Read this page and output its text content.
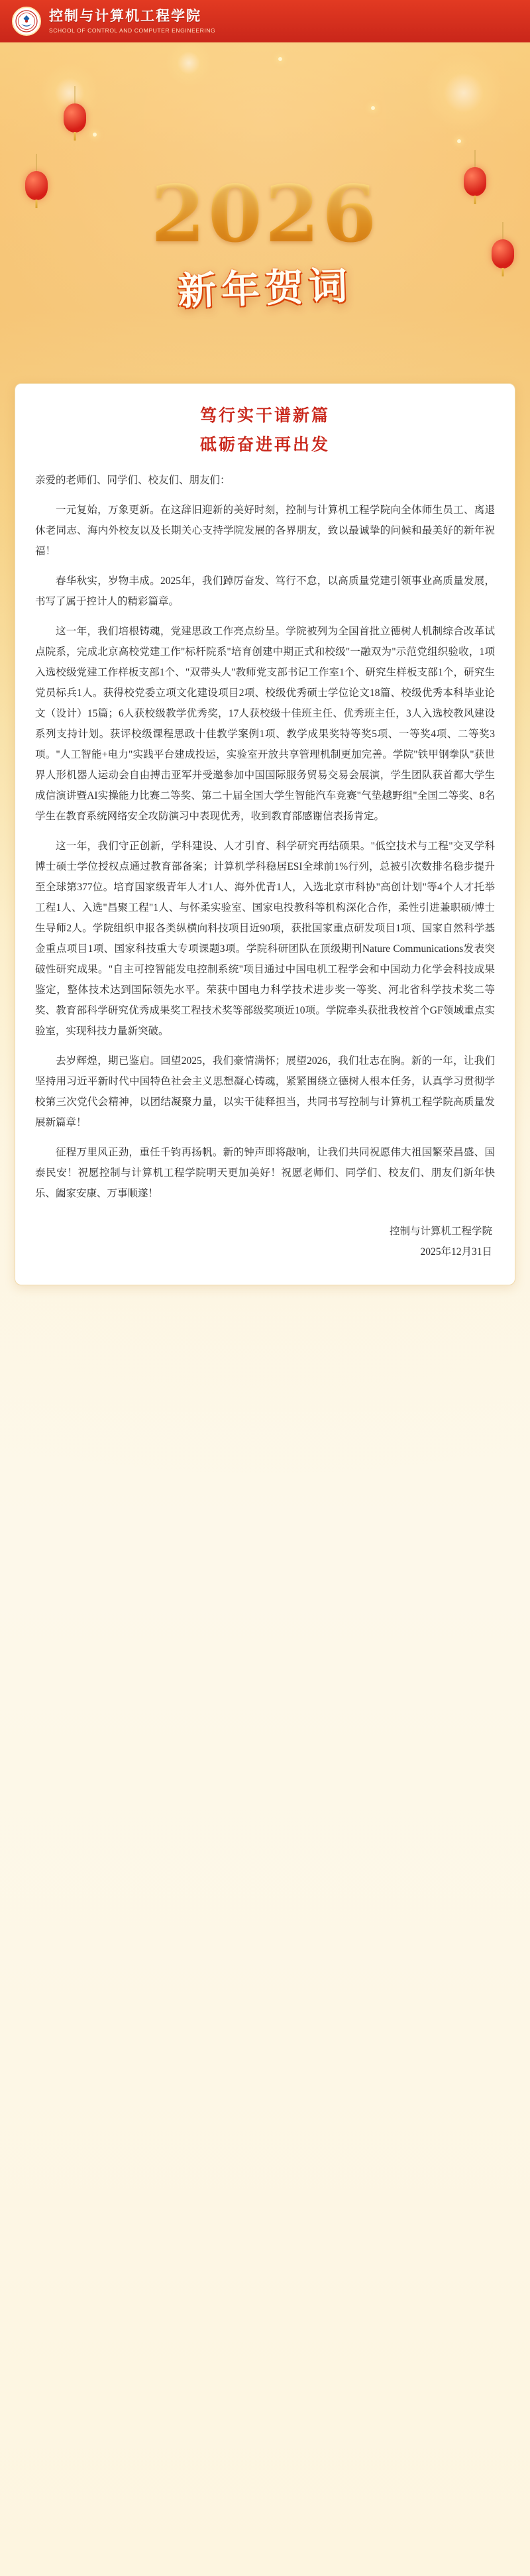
控制与计算机工程学院
SCHOOL OF CONTROL AND COMPUTER ENGINEERING
2026
新年贺词
笃行实干谱新篇
砥砺奋进再出发

亲爱的老师们、同学们、校友们、朋友们：

一元复始，万象更新。在这辞旧迎新的美好时刻，控制与计算机工程学院向全体师生员工、离退休老同志、海内外校友以及长期关心支持学院发展的各界朋友，致以最诚挚的问候和最美好的新年祝福！

春华秋实，岁物丰成。2025年，我们踔厉奋发、笃行不怠，以高质量党建引领事业高质量发展，书写了属于控计人的精彩篇章。

这一年，我们培根铸魂，党建思政工作亮点纷呈。学院被列为全国首批立德树人机制综合改革试点院系，完成北京高校党建工作"标杆院系"培育创建中期正式和校级"一融双为"示范党组织验收，1项入选校级党建工作样板支部1个、"双带头人"教师党支部书记工作室1个、研究生样板支部1个，研究生党员标兵1人。获得校党委立项文化建设项目2项、校级优秀硕士学位论文18篇、校级优秀本科毕业论文（设计）15篇；6人获校级教学优秀奖，17人获校级十佳班主任、优秀班主任，3人入选校教风建设系列支持计划。获评校级课程思政十佳教学案例1项、教学成果奖特等奖5项、一等奖4项、二等奖3项。"人工智能+电力"实践平台建成投运，实验室开放共享管理机制更加完善。学院"铁甲钢拳队"获世界人形机器人运动会自由搏击亚军并受邀参加中国国际服务贸易交易会展演，学生团队获首都大学生成信演讲暨AI实操能力比赛二等奖、第二十届全国大学生智能汽车竞赛"气垫越野组"全国二等奖、8名学生在教育系统网络安全攻防演习中表现优秀，收到教育部感谢信表扬肯定。

这一年，我们守正创新，学科建设、人才引育、科学研究再结硕果。"低空技术与工程"交叉学科博士硕士学位授权点通过教育部备案；计算机学科稳居ESI全球前1%行列，总被引次数排名稳步提升至全球第377位。培育国家级青年人才1人、海外优青1人，入选北京市科协"高创计划"等4个人才托举工程1人、入选"昌聚工程"1人、与怀柔实验室、国家电投教科等机构深化合作，柔性引进兼职硕/博士生导师2人。学院组织申报各类纵横向科技项目近90项，获批国家重点研发项目1项、国家自然科学基金重点项目1项、国家科技重大专项课题3项。学院科研团队在顶级期刊Nature Communications发表突破性研究成果。"自主可控智能发电控制系统"项目通过中国电机工程学会和中国动力化学会科技成果鉴定，整体技术达到国际领先水平。荣获中国电力科学技术进步奖一等奖、河北省科学技术奖二等奖、教育部科学研究优秀成果奖工程技术奖等部级奖项近10项。学院牵头获批我校首个GF领域重点实验室，实现科技力量新突破。

去岁辉煌，期已鉴启。回望2025，我们豪情满怀；展望2026，我们壮志在胸。新的一年，让我们坚持用习近平新时代中国特色社会主义思想凝心铸魂，紧紧围绕立德树人根本任务，认真学习贯彻学校第三次党代会精神，以团结凝聚力量，以实干徒释担当，共同书写控制与计算机工程学院高质量发展新篇章！

征程万里风正劲，重任千钧再扬帆。新的钟声即将敲响，让我们共同祝愿伟大祖国繁荣昌盛、国泰民安！祝愿控制与计算机工程学院明天更加美好！祝愿老师们、同学们、校友们、朋友们新年快乐、阖家安康、万事顺遂！

控制与计算机工程学院
2025年12月31日
